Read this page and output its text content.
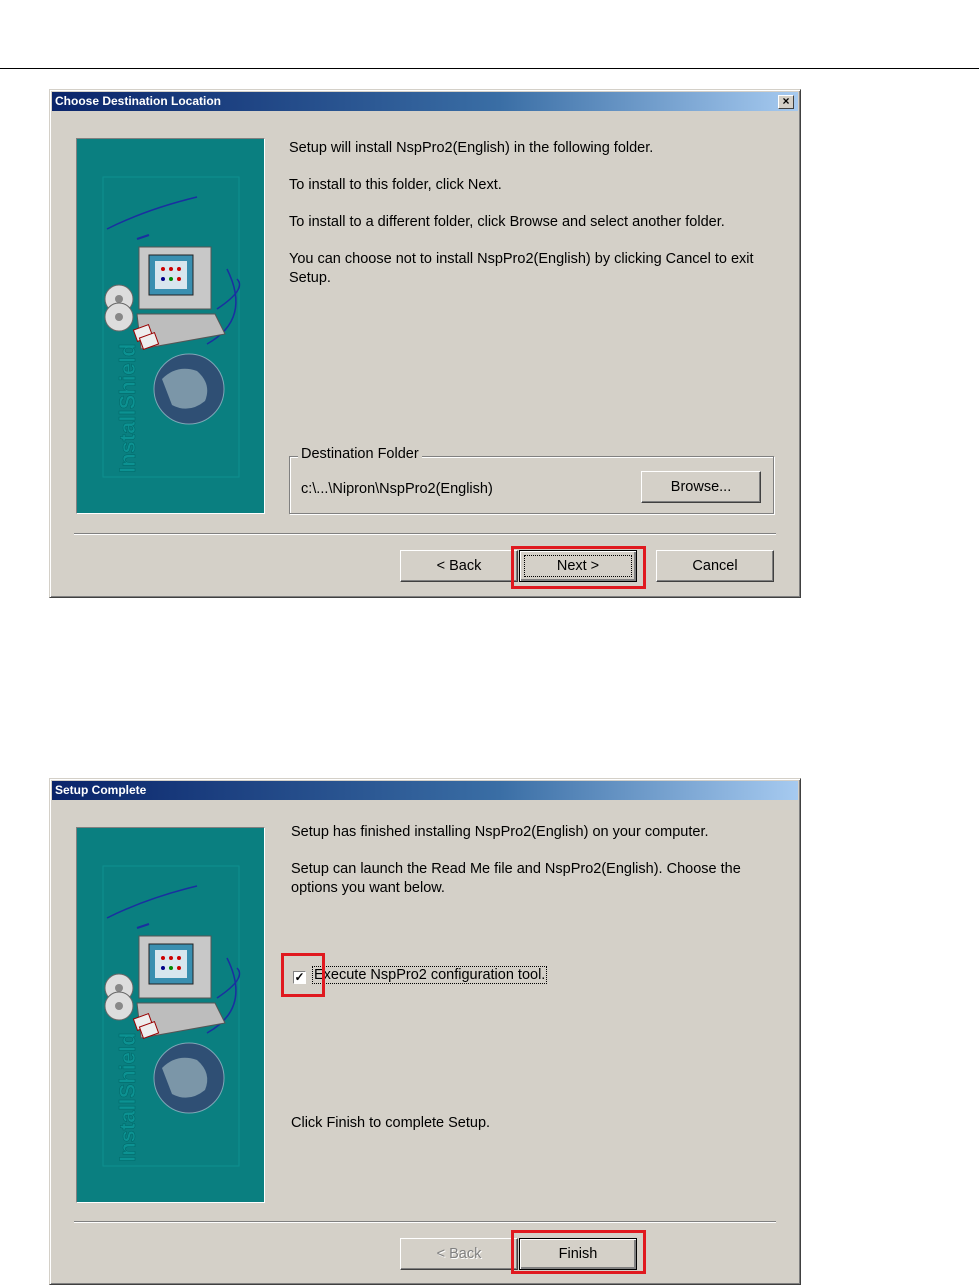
Choose Destination Location	×
InstallShield

Setup will install NspPro2(English) in the following folder.

To install to this folder, click Next.

To install to a different folder, click Browse and select another folder.

You can choose not to install NspPro2(English) by clicking Cancel to exit Setup.

Destination Folder
c:\...\Nipron\NspPro2(English)	Browse...
< Back	Next >	Cancel
Setup Complete
InstallShield

Setup has finished installing NspPro2(English) on your computer.

Setup can launch the Read Me file and NspPro2(English). Choose the options you want below.

✓ Execute NspPro2 configuration tool.
Click Finish to complete Setup.
< Back	Finish
